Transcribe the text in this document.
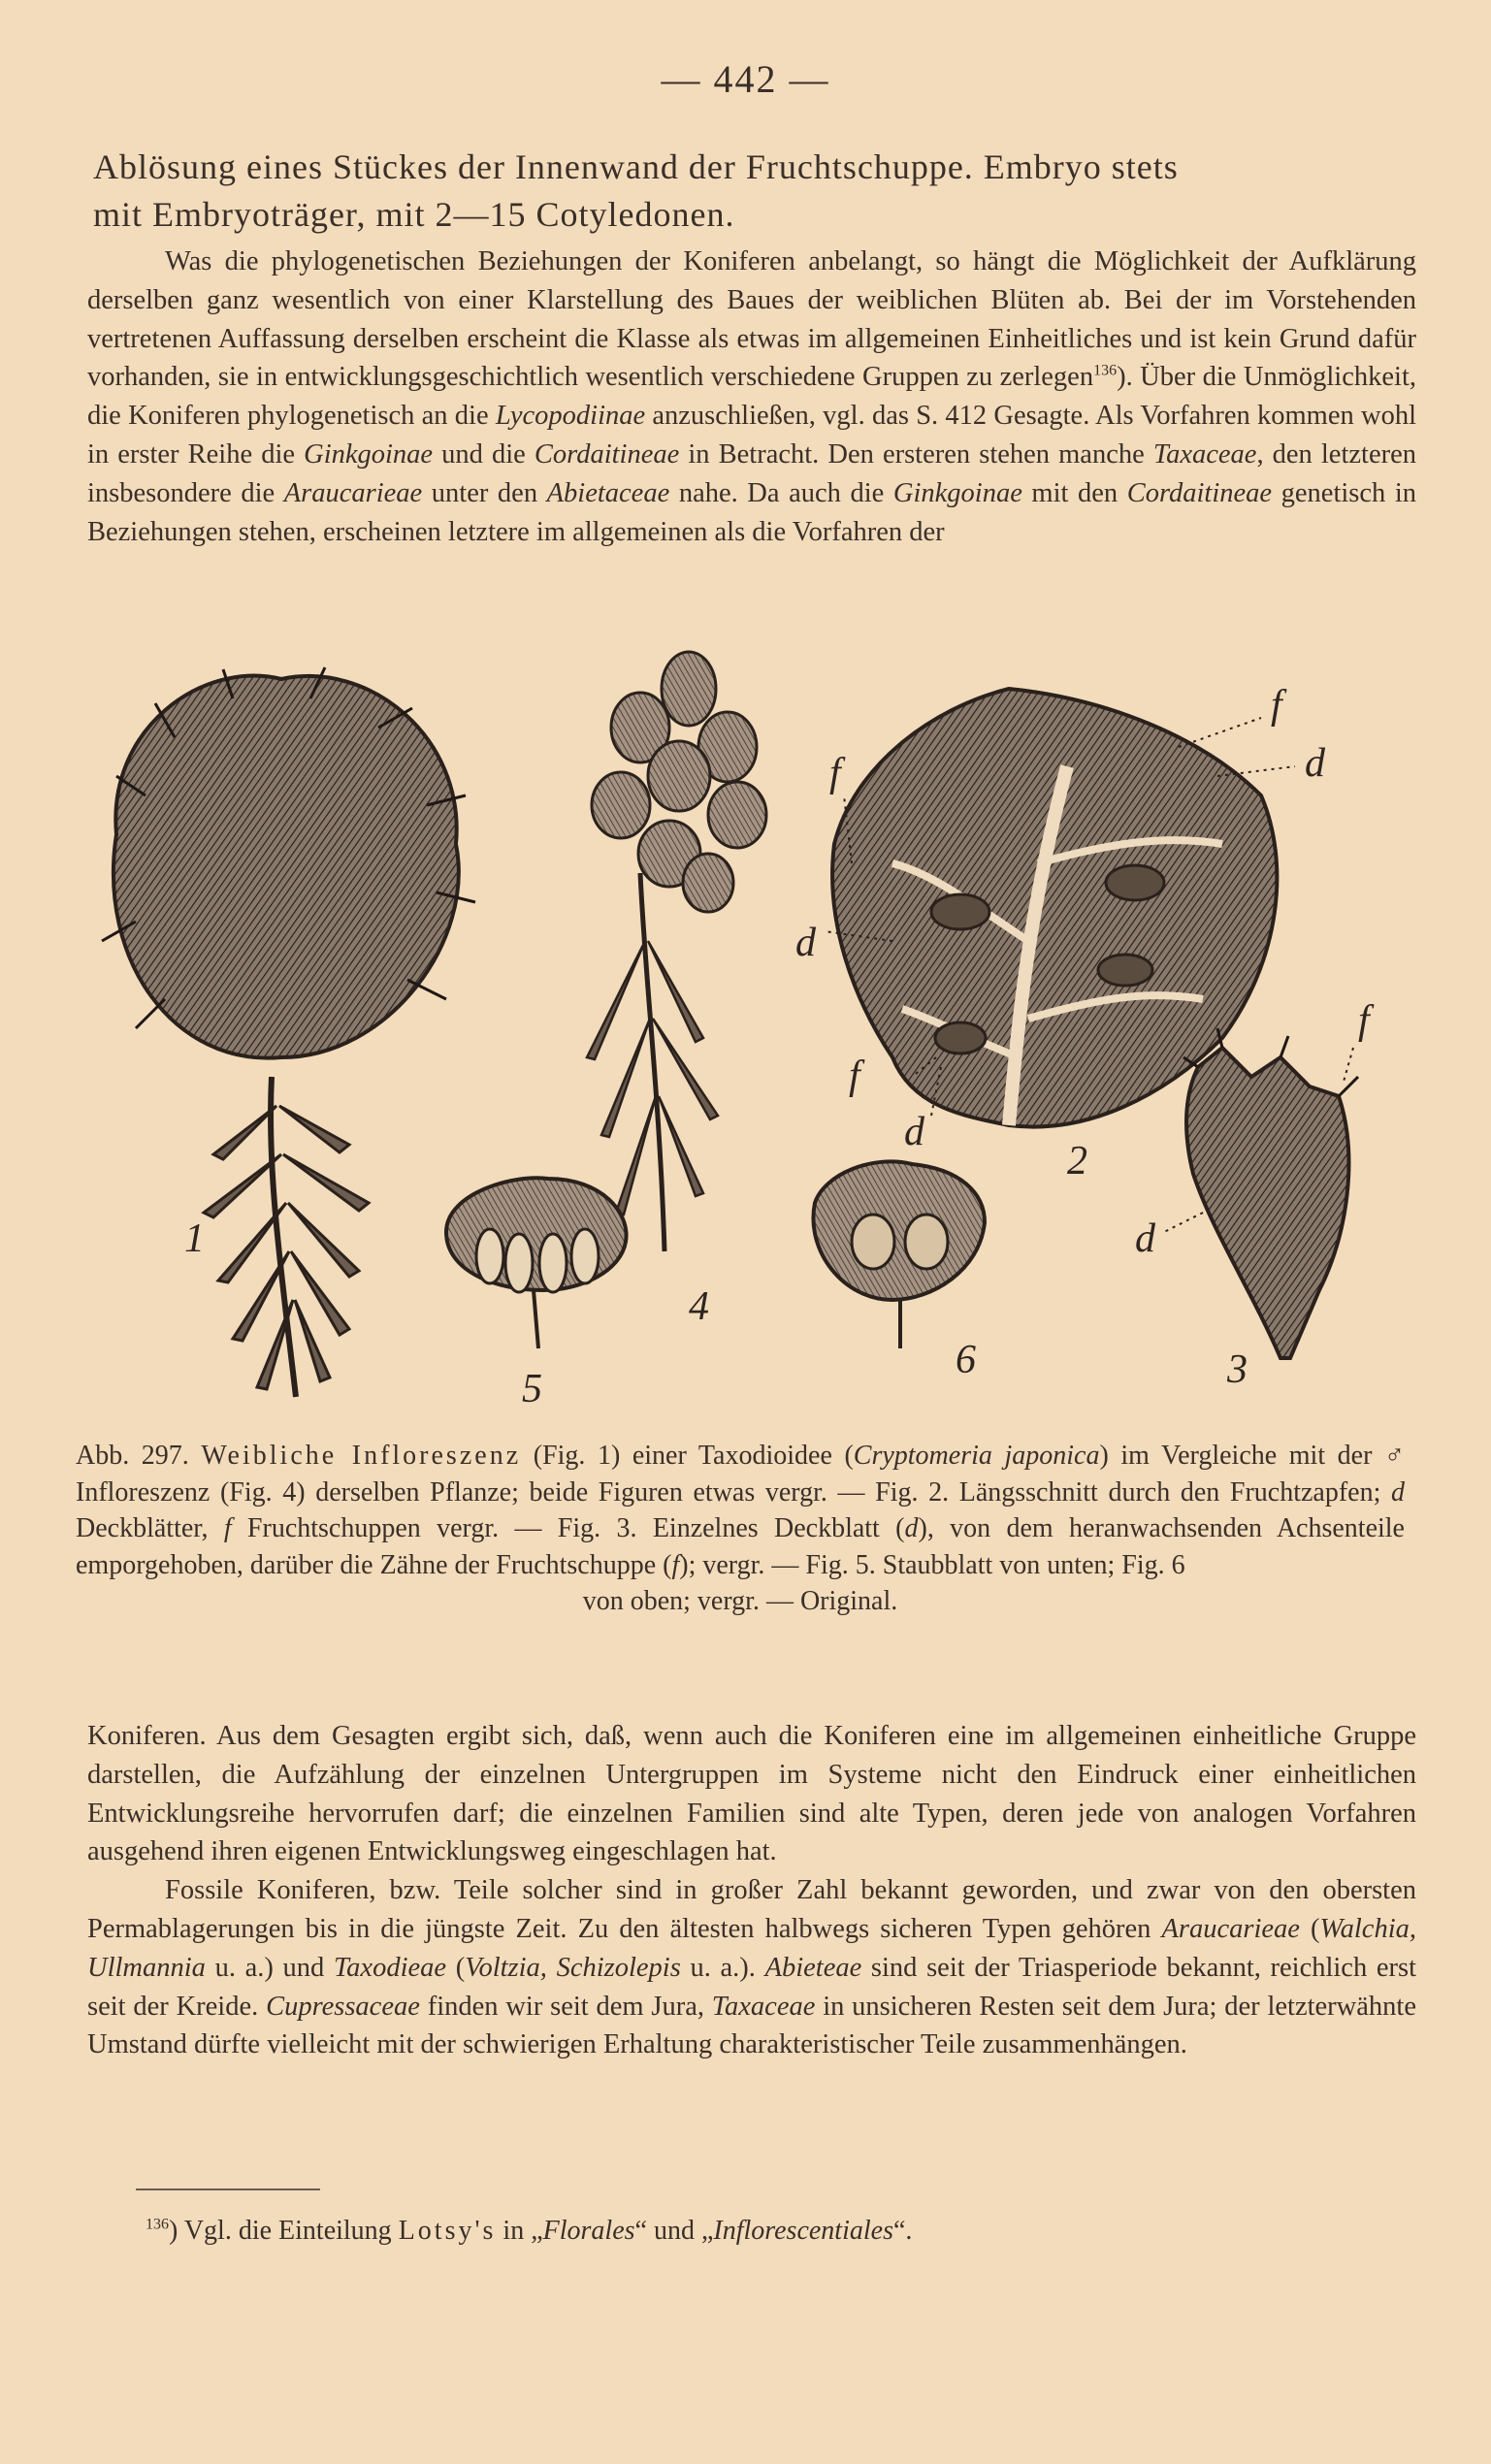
— 442 —
Ablösung eines Stückes der Innenwand der Fruchtschuppe. Embryo stets
mit Embryoträger, mit 2—15 Cotyledonen.

Was die phylogenetischen Beziehungen der Koniferen anbelangt, so hängt die Möglichkeit der Aufklärung derselben ganz wesentlich von einer Klarstellung des Baues der weiblichen Blüten ab. Bei der im Vorstehenden vertretenen Auffassung derselben erscheint die Klasse als etwas im allgemeinen Einheitliches und ist kein Grund dafür vorhanden, sie in entwicklungsgeschichtlich wesentlich verschiedene Gruppen zu zerlegen$^{136}$). Über die Unmöglichkeit, die Koniferen phylogenetisch an die Lycopodiinae anzuschließen, vgl. das S. 412 Gesagte. Als Vorfahren kommen wohl in erster Reihe die Ginkgoinae und die Cordaitineae in Betracht. Den ersteren stehen manche Taxaceae, den letzteren insbesondere die Araucarieae unter den Abietaceae nahe. Da auch die Ginkgoinae mit den Cordaitineae genetisch in Beziehungen stehen, erscheinen letztere im allgemeinen als die Vorfahren der

1
4
5
f
d
f
d
f
d
2
6
f
d
3
Abb. 297. Weibliche Infloreszenz (Fig. 1) einer Taxodioidee (Cryptomeria japonica) im Vergleiche mit der ♂ Infloreszenz (Fig. 4) derselben Pflanze; beide Figuren etwas vergr. — Fig. 2. Längsschnitt durch den Fruchtzapfen; d Deckblätter, f Fruchtschuppen vergr. — Fig. 3. Einzelnes Deckblatt (d), von dem heranwachsenden Achsenteile emporgehoben, darüber die Zähne der Fruchtschuppe (f); vergr. — Fig. 5. Staubblatt von unten; Fig. 6
von oben; vergr. — Original.

Koniferen. Aus dem Gesagten ergibt sich, daß, wenn auch die Koniferen eine im allgemeinen einheitliche Gruppe darstellen, die Aufzählung der einzelnen Untergruppen im Systeme nicht den Eindruck einer einheitlichen Entwicklungsreihe hervorrufen darf; die einzelnen Familien sind alte Typen, deren jede von analogen Vorfahren ausgehend ihren eigenen Entwicklungsweg eingeschlagen hat.

Fossile Koniferen, bzw. Teile solcher sind in großer Zahl bekannt geworden, und zwar von den obersten Permablagerungen bis in die jüngste Zeit. Zu den ältesten halbwegs sicheren Typen gehören Araucarieae (Walchia, Ullmannia u. a.) und Taxodieae (Voltzia, Schizolepis u. a.). Abieteae sind seit der Triasperiode bekannt, reichlich erst seit der Kreide. Cupressaceae finden wir seit dem Jura, Taxaceae in unsicheren Resten seit dem Jura; der letzterwähnte Umstand dürfte vielleicht mit der schwierigen Erhaltung charakteristischer Teile zusammenhängen.

$^{136}$) Vgl. die Einteilung Lotsy's in „Florales“ und „Inflorescentiales“.
